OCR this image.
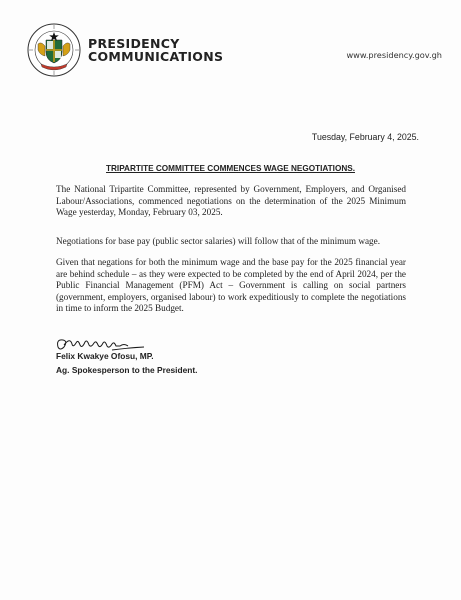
PRESIDENCY
COMMUNICATIONS	www.presidency.gov.gh
Tuesday, February 4, 2025.
TRIPARTITE COMMITTEE COMMENCES WAGE NEGOTIATIONS.
The National Tripartite Committee, represented by Government, Employers, and Organised Labour/Associations, commenced negotiations on the determination of the 2025 Minimum Wage yesterday, Monday, February 03, 2025.
Negotiations for base pay (public sector salaries) will follow that of the minimum wage.
Given that negations for both the minimum wage and the base pay for the 2025 financial year are behind schedule – as they were expected to be completed by the end of April 2024, per the Public Financial Management (PFM) Act – Government is calling on social partners (government, employers, organised labour) to work expeditiously to complete the negotiations in time to inform the 2025 Budget.
Felix Kwakye Ofosu, MP.
Ag. Spokesperson to the President.
